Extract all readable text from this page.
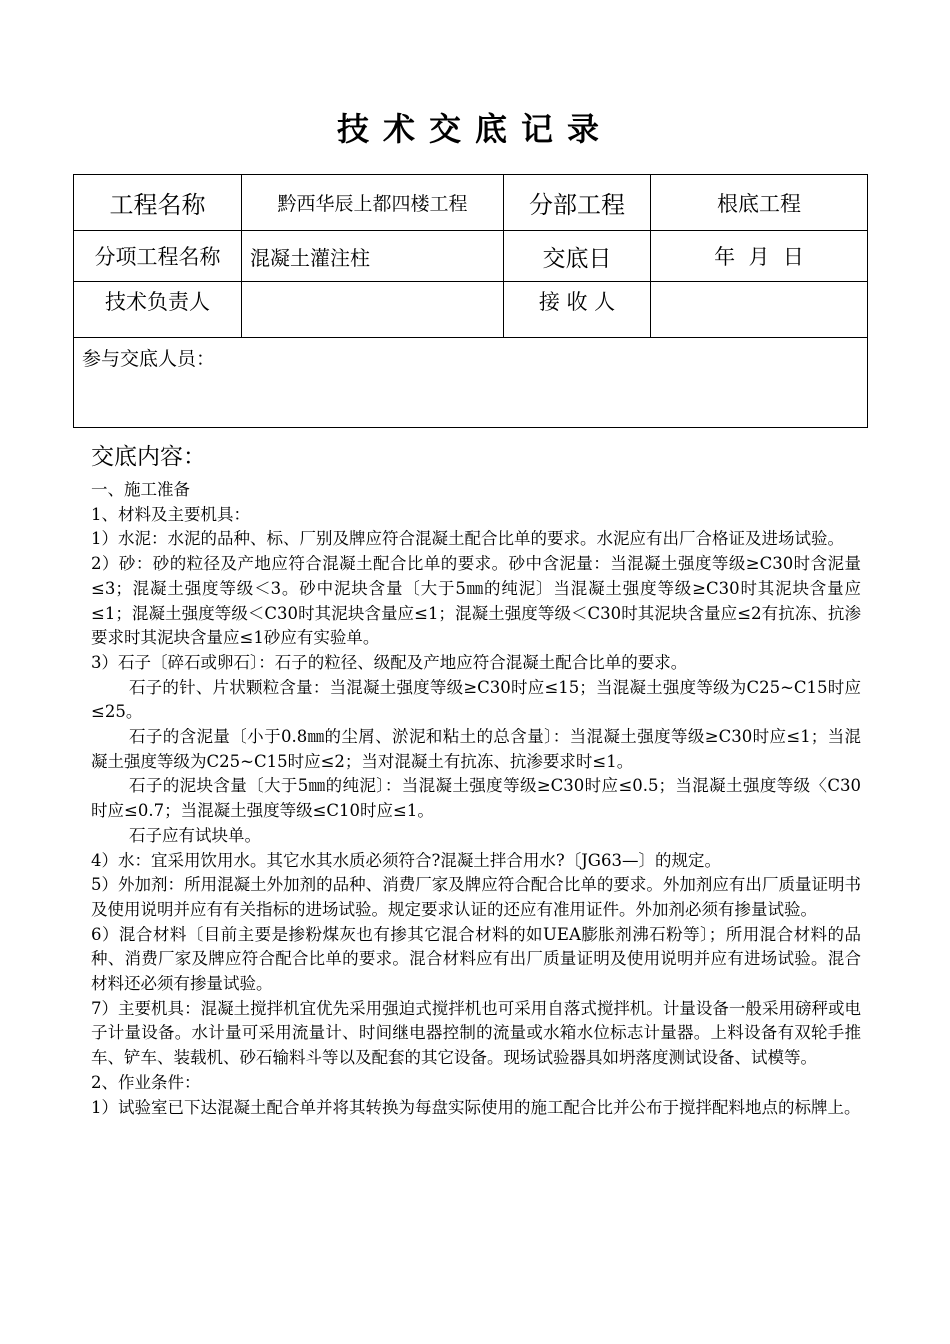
技术交底记录
工程名称	黔西华辰上都四楼工程	分部工程	根底工程
分项工程名称	混凝土灌注柱	交底日	年  月  日
技术负责人		接 收 人	
参与交底人员：			
交底内容：

一、施工准备

1、材料及主要机具：

1）水泥：水泥的品种、标、厂别及牌应符合混凝土配合比单的要求。水泥应有出厂合格证及进场试验。

2）砂：砂的粒径及产地应符合混凝土配合比单的要求。砂中含泥量：当混凝土强度等级≥C30时含泥量≤3；混凝土强度等级＜3。砂中泥块含量〔大于5㎜的纯泥〕当混凝土强度等级≥C30时其泥块含量应≤1；混凝土强度等级＜C30时其泥块含量应≤1；混凝土强度等级＜C30时其泥块含量应≤2有抗冻、抗渗要求时其泥块含量应≤1砂应有实验单。

3）石子〔碎石或卵石〕：石子的粒径、级配及产地应符合混凝土配合比单的要求。

石子的针、片状颗粒含量：当混凝土强度等级≥C30时应≤15；当混凝土强度等级为C25~C15时应≤25。

石子的含泥量〔小于0.8㎜的尘屑、淤泥和粘土的总含量〕：当混凝土强度等级≥C30时应≤1；当混凝土强度等级为C25~C15时应≤2；当对混凝土有抗冻、抗渗要求时≤1。

石子的泥块含量〔大于5㎜的纯泥〕：当混凝土强度等级≥C30时应≤0.5；当混凝土强度等级〈C30时应≤0.7；当混凝土强度等级≤C10时应≤1。

石子应有试块单。

4）水：宜采用饮用水。其它水其水质必须符合?混凝土拌合用水?〔JG63—〕的规定。

5）外加剂：所用混凝土外加剂的品种、消费厂家及牌应符合配合比单的要求。外加剂应有出厂质量证明书及使用说明并应有有关指标的进场试验。规定要求认证的还应有准用证件。外加剂必须有掺量试验。

6）混合材料〔目前主要是掺粉煤灰也有掺其它混合材料的如UEA膨胀剂沸石粉等〕；所用混合材料的品种、消费厂家及牌应符合配合比单的要求。混合材料应有出厂质量证明及使用说明并应有进场试验。混合材料还必须有掺量试验。

7）主要机具：混凝土搅拌机宜优先采用强迫式搅拌机也可采用自落式搅拌机。计量设备一般采用磅秤或电子计量设备。水计量可采用流量计、时间继电器控制的流量或水箱水位标志计量器。上料设备有双轮手推车、铲车、装载机、砂石输料斗等以及配套的其它设备。现场试验器具如坍落度测试设备、试模等。

2、作业条件：

1）试验室已下达混凝土配合单并将其转换为每盘实际使用的施工配合比并公布于搅拌配料地点的标牌上。
